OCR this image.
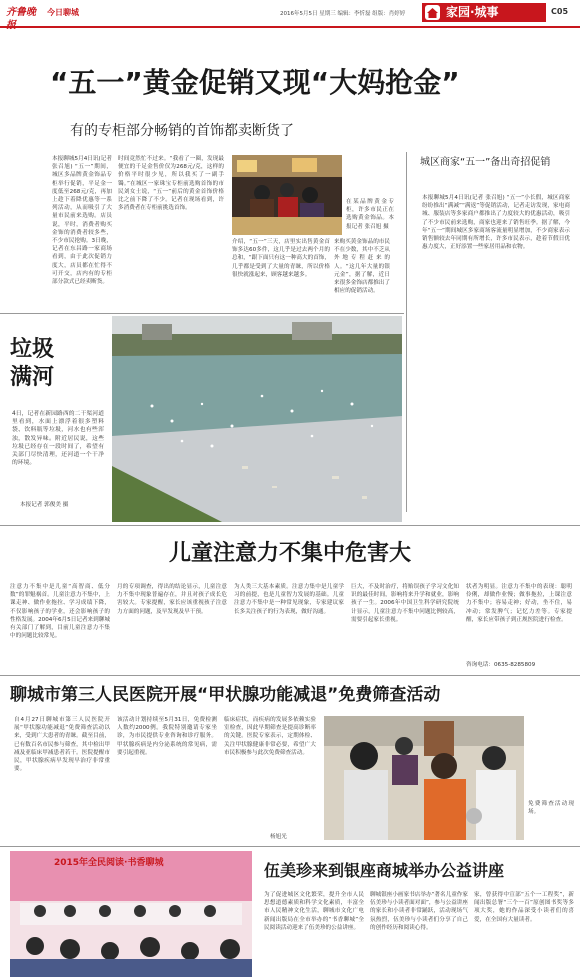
齐鲁晚	今日聊城	2016年5月5日 星期三 编辑：李忻磊 组版：肖婷婷	家园·城事	C05
“五一”黄金促销又现“大妈抢金”
有的专柜部分畅销的首饰都卖断货了
本报聊城5月4日讯(记者 张召旭) “五一”期间，城区多品牌黄金饰品专柜举行促销，平足金一度低至268元/克，再加上趁下着降优惠等一系列活动，从而吸引了大量市民前来选购。店员说，平时，消费者购买金饰的消费者较多些，不少市民抢购。3日晚，记者在东昌路一家商场看到，由于此次促销力度大，店员都在忙得不可开交，店内有的专柜部分款式已经卖断货。
时间竟然忙不过来。“我看了一圈，发现最便宜的千足金售价仅为268元/克，这样的价格平时很少见，所以我买了一副手镯。”在城区一家珠宝专柜前选购首饰的市民刘女士说，“五一”前后的黄金首饰价格比之前下降了不少。记者在现场看到，许多消费者在专柜前挑选首饰。
介绍，“五一”三天，店里实出售黄金首饰多达60多件，这几乎是过去两个月的总和，“跟下面只有这一种高大的首饰，几乎都是受到了大量的青睐，所以价格很快就涨起来，顾客越来越多。
来购买黄金饰品的市民不在少数，其中不乏从外地专程赶来的人。“这几年大量的银元金”，据了解，近日来很多金饰店都推出了相应的促销活动。
在某品牌黄金专柜，许多市民正在选购黄金饰品。本报记者 张召旭 摄
城区商家“五一”备出奇招促销
本报聊城5月4日讯(记者 张召旭) “五一”小长假，城区商家纷纷推出“满减”“满返”等促销活动，记者走访发现，家电商城、服装店等多家商户都推出了力度较大的优惠活动，吸引了不少市民前来选购，商家也迎来了销售旺季。据了解，今年“五一”期间城区多家商场客流量明显增加，不少商家表示销售额较去年同期有所增长，许多市民表示，趁着节假日优惠力度大，正好添置一些家居用品和衣物。
垃圾满河
4日，记者在新园路西的二干渠河道里看到，水面上漂浮着很多塑料袋、饮料瓶等垃圾，河水也有些浑浊，散发异味。附近居民说，这些垃圾已经存在一段时间了，希望有关部门尽快清理，还河道一个干净的环境。
本报记者 郭俊美 摄
儿童注意力不集中危害大
注意力不集中是儿童“高智商、低分数”的罪魁祸首。儿童注意力不集中，上课走神、做作业拖拉、学习成绩下降，不仅影响孩子的学业，还会影响孩子的性格发展。2004年6月5日记者来到聊城有关部门了解到，目前儿童注意力不集中的问题比较常见。
月的专项调查，得出的结论显示，儿童注意力不集中现象普遍存在，并且对孩子成长危害较大。专家提醒，家长应该重视孩子注意力方面的问题，及早发现及早干预。
为人类三大基本素质。注意力集中是儿童学习的前提，也是儿童智力发展的基础。儿童注意力不集中是一种常见现象，专家建议家长多关注孩子的行为表现，做好沟通。
巨大，不及时治疗，将贻误孩子学习文化知识的最佳时间，影响将来升学和就业，影响孩子一生。2006年中国卫生科学研究院统计显示，儿童注意力不集中问题比例较高，需要引起家长重视。
状者为明显。注意力不集中的表现：聪明伶俐，却做作业慢；做事拖拉，上课注意力不集中；容易走神；好动，坐不住，易冲动；常发脾气；记忆力差等。专家提醒，家长应带孩子到正规医院进行检查。
咨询电话：0635-8285809
聊城市第三人民医院开展“甲状腺功能减退”免费筛查活动
自4月27日聊城市第三人民医院开展“甲状腺功能减退”免费筛查活动以来，受到广大患者的青睐。截至目前，已有数百名市民参与筛查，其中检出甲减及亚临床甲减患者若干。医院提醒市民，甲状腺疾病早发现早治疗非常重要。
该活动计划持续至5月31日，免费检测人数约2000例。我院特别邀请专家坐诊，为市民提供专业咨询和诊疗服务。甲状腺疾病是内分泌系统的常见病，需要引起重视。
临床症状，而疾病的发展多依赖实验室检查，因此早期筛查是提高诊断率的关键。医院专家表示，定期体检、关注甲状腺健康非常必要，希望广大市民积极参与此次免费筛查活动。
杨旭光
免费筛查活动现场。
2015年全民阅读·书香聊城	伍美珍来到银座商城举办公益讲座
为了促进城区文化繁荣，提升全市人民思想道德素质和科学文化素质，丰富全市人民精神文化生活，聊城市文化广电新闻出版局在全市举办的“书香聊城”全民阅读活动迎来了伍美珍的公益讲座。
聊城银座小画家书店举办“著名儿童作家伍美珍与小读者面对面”，参与公益讲座的家长和小读者非常踊跃，活动现场气氛热烈，伍美珍与小读者们分享了自己的创作经历和阅读心得。
家，曾获得中宣部“五个一工程奖”，新闻出版总署“三个一百”原创图书奖等多项大奖，她的作品深受小读者们的喜爱，在全国有大量读者。
